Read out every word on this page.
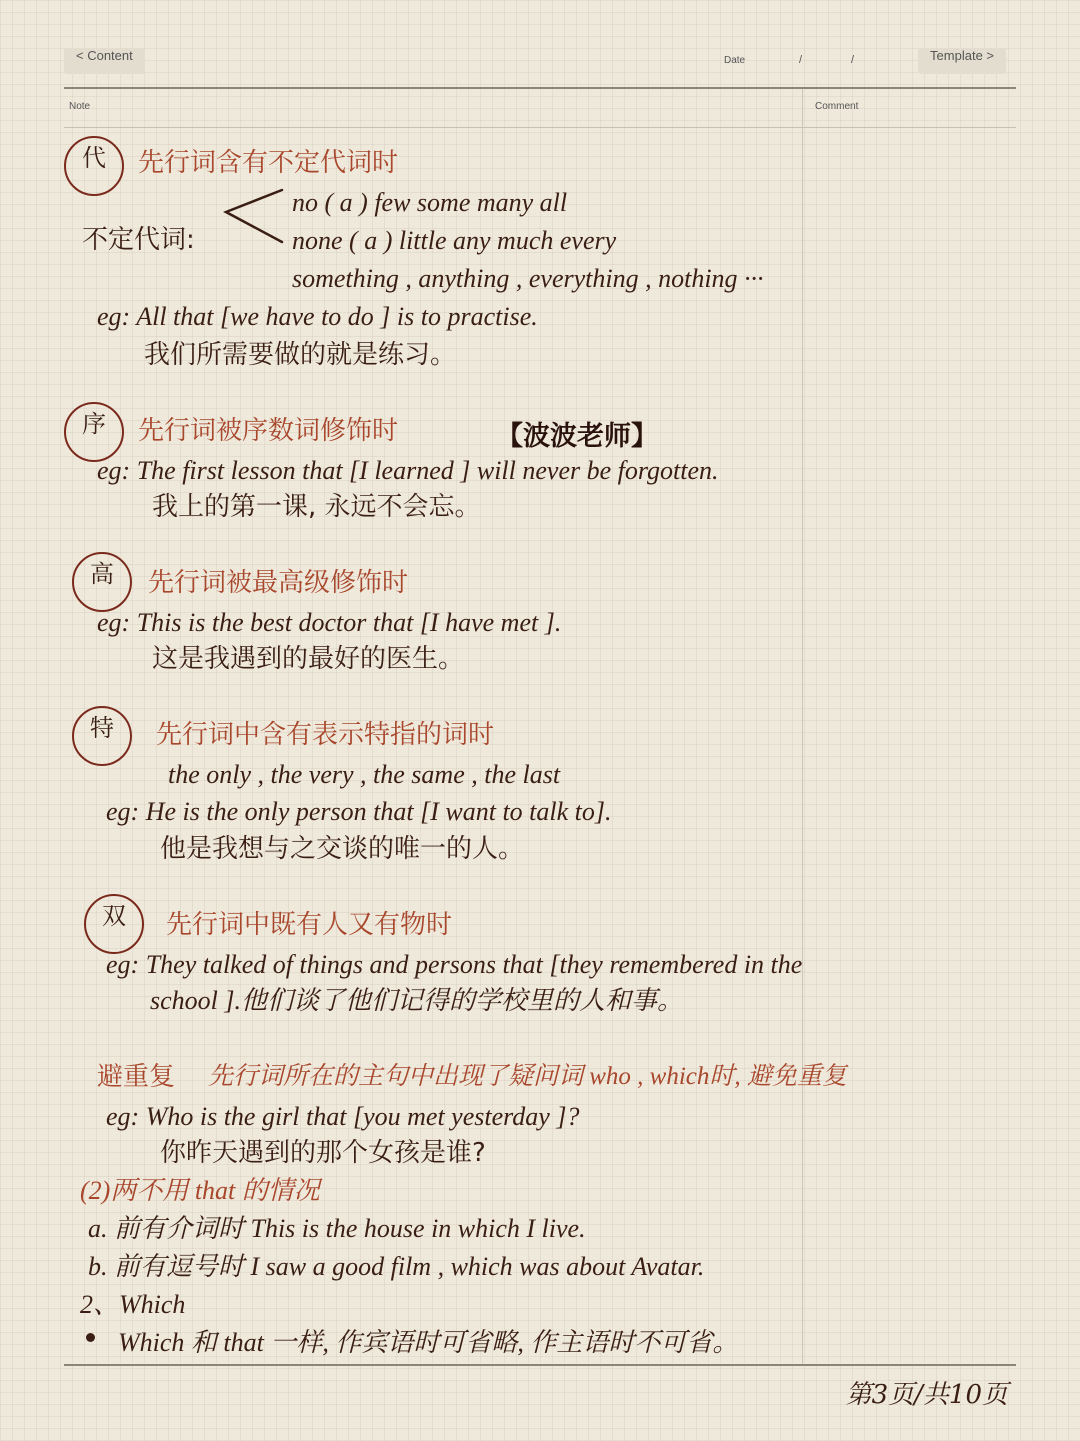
< Content	Date	/	/	Template >
Note	Comment
代	先行词含有不定代词时
不定代词:
no ( a ) few some many all
none ( a ) little any much every
something , anything , everything , nothing ···
eg: All that [we have to do ] is to practise.
我们所需要做的就是练习。
序	先行词被序数词修饰时	【波波老师】
eg: The first lesson that [I learned ] will never be forgotten.
我上的第一课, 永远不会忘。
高	先行词被最高级修饰时
eg: This is the best doctor that [I have met ].
这是我遇到的最好的医生。
特	先行词中含有表示特指的词时
the only , the very , the same , the last
eg: He is the only person that [I want to talk to].
他是我想与之交谈的唯一的人。
双	先行词中既有人又有物时
eg: They talked of things and persons that [they remembered in the
school ].他们谈了他们记得的学校里的人和事。
避重复 先行词所在的主句中出现了疑问词 who , which时, 避免重复
eg: Who is the girl that [you met yesterday ]?
你昨天遇到的那个女孩是谁?
(2)两不用 that 的情况
a. 前有介词时 This is the house in which I live.
b. 前有逗号时 I saw a good film , which was about Avatar.
2、Which
Which 和 that 一样, 作宾语时可省略, 作主语时不可省。
第3页/共10页
